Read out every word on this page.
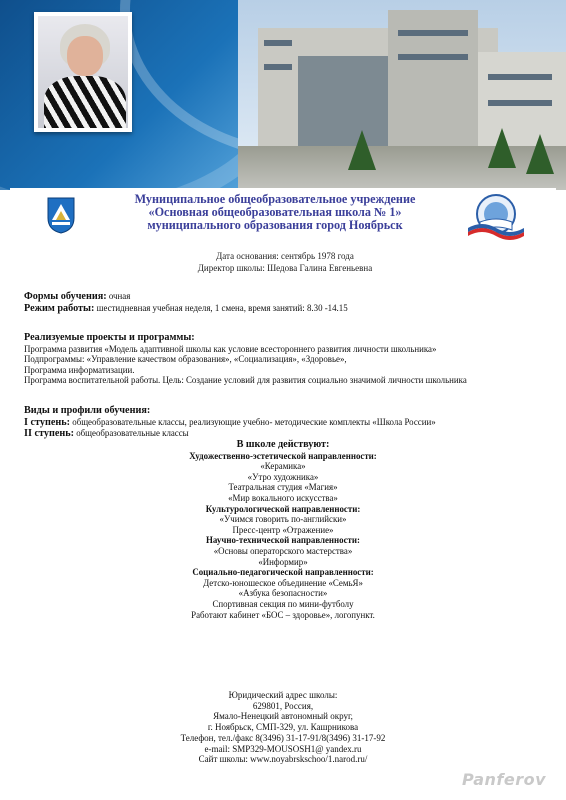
Муниципальное общеобразовательное учреждение
«Основная общеобразовательная школа № 1»
муниципального образования город Ноябрьск
Дата основания: сентябрь 1978 года
Директор школы: Шедова Галина Евгеньевна
Формы обучения: очная
Режим работы: шестидневная учебная неделя, 1 смена, время занятий: 8.30 -14.15
Реализуемые проекты и программы:
Программа развития «Модель адаптивной школы как условие всестороннего развития личности школьника»
Подпрограммы: «Управление качеством образования», «Социализация», «Здоровье»,
Программа информатизации.
Программа воспитательной работы. Цель: Создание условий для развития социально значимой личности школьника
Виды и профили обучения:
I ступень: общеобразовательные классы, реализующие учебно- методические комплекты «Школа России»
II ступень: общеобразовательные классы
В школе действуют:
Художественно-эстетической направленности:
«Керамика»
«Утро художника»
Театральная студия «Магия»
«Мир вокального искусства»
Культурологической направленности:
«Учимся говорить по-английски»
Пресс-центр «Отражение»
Научно-технической направленности:
«Основы операторского мастерства»
«Информир»
Социально-педагогической направленности:
Детско-юношеское объединение «СемьЯ»
«Азбука безопасности»
Спортивная секция по мини-футболу
Работают кабинет «БОС – здоровье», логопункт.
Юридический адрес школы:
629801, Россия,
Ямало-Ненецкий автономный округ,
г. Ноябрьск, СМП-329, ул. Кашрникова
Телефон, тел./факс 8(3496) 31-17-91/8(3496) 31-17-92
e-mail: SMP329-MOUSOSH1@ yandex.ru
Сайт школы: www.noyabrskschoo/1.narod.ru/
Panferov
